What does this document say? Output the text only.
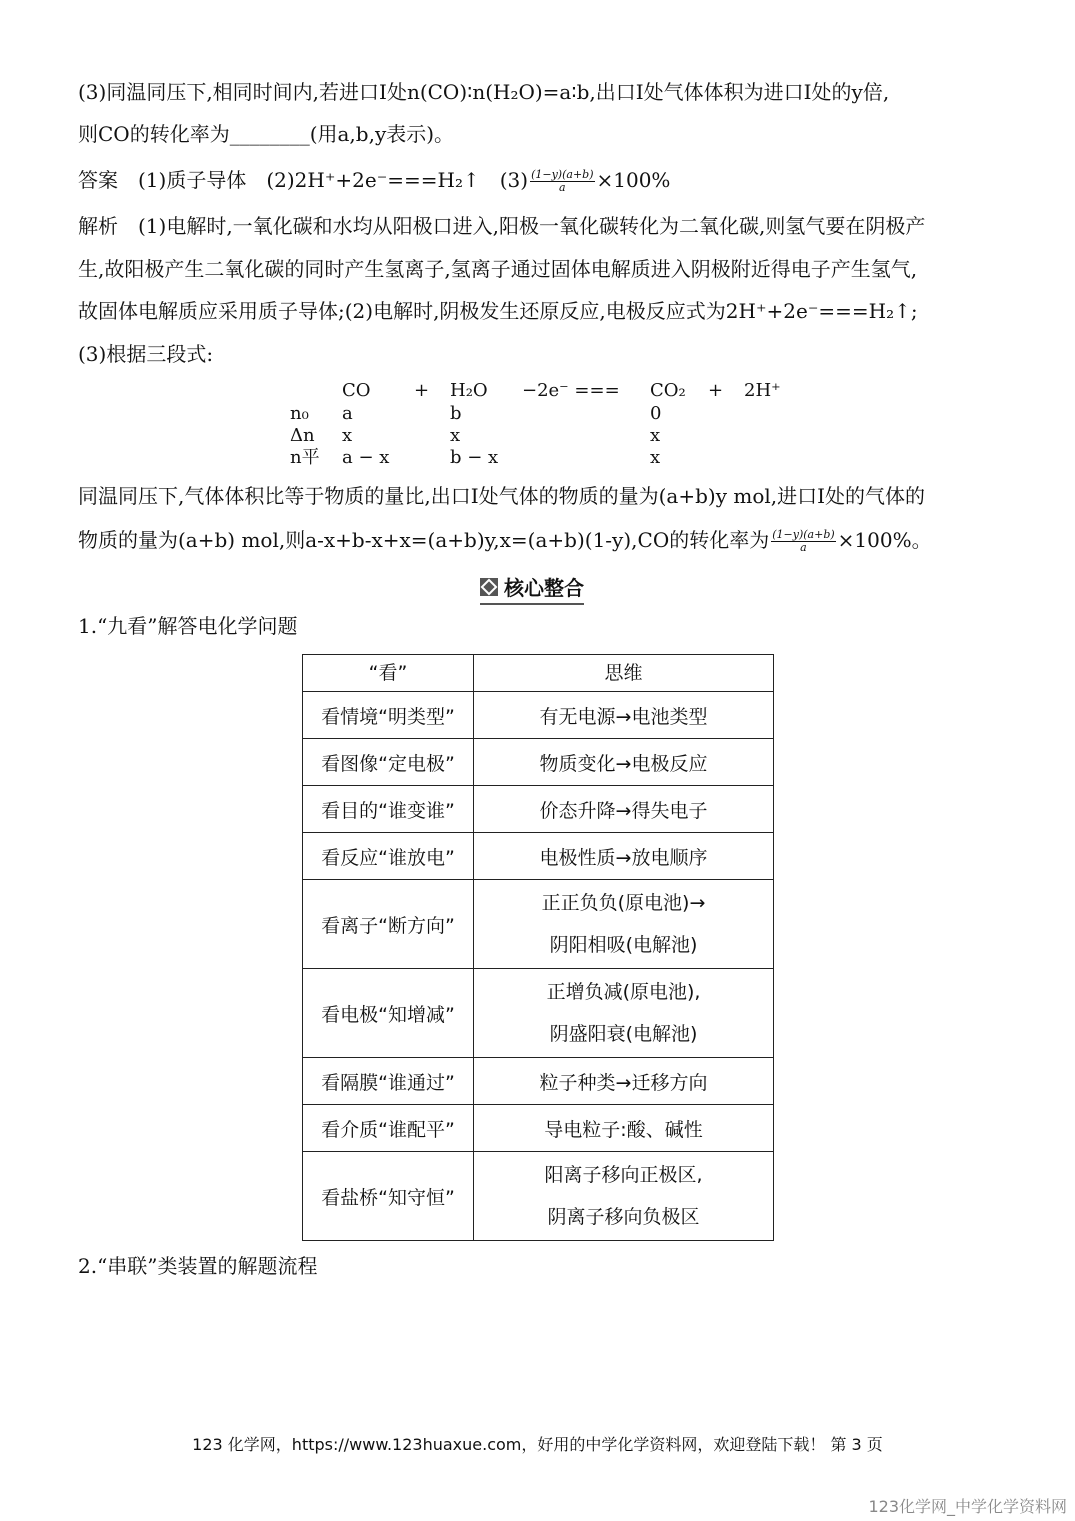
(3)同温同压下,相同时间内,若进口Ⅰ处n(CO)∶n(H₂O)=a∶b,出口Ⅰ处气体体积为进口Ⅰ处的y倍,
则CO的转化率为________(用a,b,y表示)。
答案　(1)质子导体　(2)2H⁺+2e⁻===H₂↑　$(3) \frac{(1-y)(a+b)}{a} \times 100\%$
解析　(1)电解时,一氧化碳和水均从阳极口进入,阳极一氧化碳转化为二氧化碳,则氢气要在阴极产
生,故阳极产生二氧化碳的同时产生氢离子,氢离子通过固体电解质进入阴极附近得电子产生氢气,
故固体电解质应采用质子导体;(2)电解时,阴极发生还原反应,电极反应式为2H⁺+2e⁻===H₂↑;
(3)根据三段式:
CO + H₂O −2e⁻ === CO₂ + 2H⁺
n₀ a	b	0
Δn x	x	x
n平 a − x	b − x	x
同温同压下,气体体积比等于物质的量比,出口Ⅰ处气体的物质的量为(a+b)y mol,进口Ⅰ处的气体的
物质的量为(a+b) mol,则a-x+b-x+x=(a+b)y,x=(a+b)(1-y),CO的转化率为 $\frac{(1-y)(a+b)}{a} \times 100\%$。
核心整合
1.“九看”解答电化学问题
“看”	思维

看情境“明类型”	有无电源→电池类型
看图像“定电极”	物质变化→电极反应
看目的“谁变谁”	价态升降→得失电子
看反应“谁放电”	电极性质→放电顺序
看离子“断方向”	正正负负(原电池)→
阴阳相吸(电解池)

看电极“知增减”	正增负减(原电池),
阴盛阳衰(电解池)

看隔膜“谁通过”	粒子种类→迁移方向
看介质“谁配平”	导电粒子:酸、碱性
看盐桥“知守恒”	阳离子移向正极区,
阴离子移向负极区
2.“串联”类装置的解题流程
123 化学网，https://www.123huaxue.com，好用的中学化学资料网，欢迎登陆下载！ 第 3 页
123化学网_中学化学资料网
